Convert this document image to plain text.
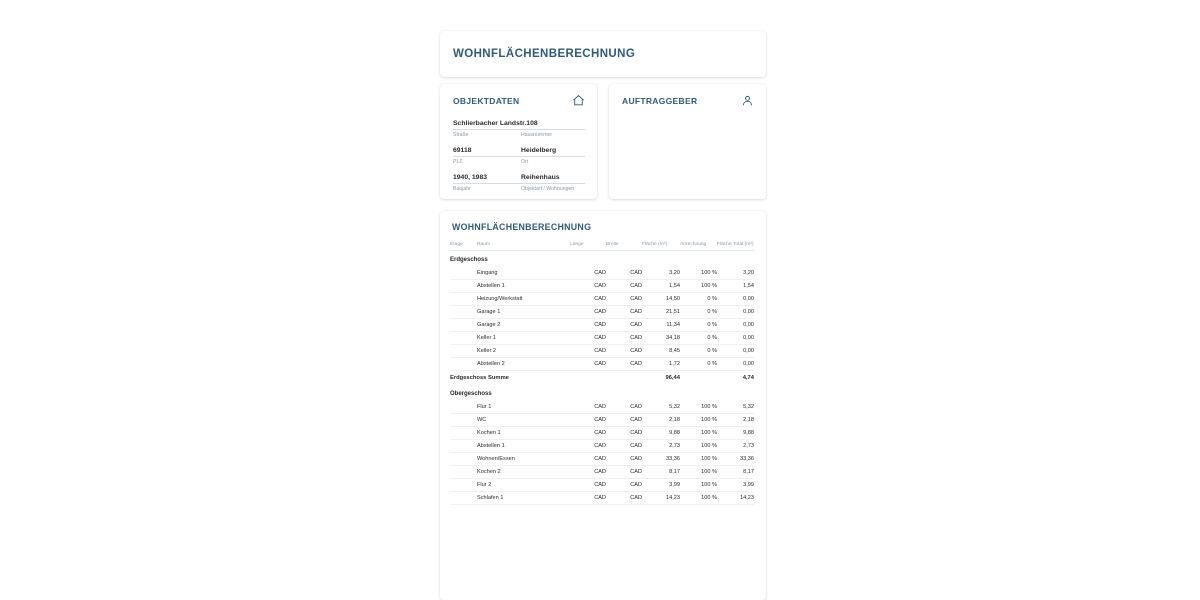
WOHNFLÄCHENBERECHNUNG
OBJEKTDATEN
Schlierbacher Landstr. 108
Straße	Hausnummer
69118	Heidelberg
PLZ	Ort
1940, 1983	Reihenhaus
Baujahr	Objektart / Wohnungen
AUFTRAGGEBER
WOHNFLÄCHENBERECHNUNG
Etage	Raum	Länge	Breite	Fläche (m²)	Anrechnung	Fläche Total (m²)
Erdgeschoss						
	Eingang	CAD	CAD	3,20	100 %	3,20
	Abstellen 1	CAD	CAD	1,54	100 %	1,54
	Heizung/Werkstatt	CAD	CAD	14,50	0 %	0,00
	Garage 1	CAD	CAD	21,51	0 %	0,00
	Garage 2	CAD	CAD	11,34	0 %	0,00
	Keller 1	CAD	CAD	34,18	0 %	0,00
	Keller 2	CAD	CAD	8,45	0 %	0,00
	Abstellen 2	CAD	CAD	1,72	0 %	0,00
Erdgeschoss Summe				96,44		4,74
Obergeschoss						
	Flur 1	CAD	CAD	5,32	100 %	5,32
	WC	CAD	CAD	2,18	100 %	2,18
	Kochen 1	CAD	CAD	9,88	100 %	9,88
	Abstellen 1	CAD	CAD	2,73	100 %	2,73
	Wohnen/Essen	CAD	CAD	33,36	100 %	33,36
	Kochen 2	CAD	CAD	8,17	100 %	8,17
	Flur 2	CAD	CAD	3,99	100 %	3,99
	Schlafen 1	CAD	CAD	14,23	100 %	14,23
